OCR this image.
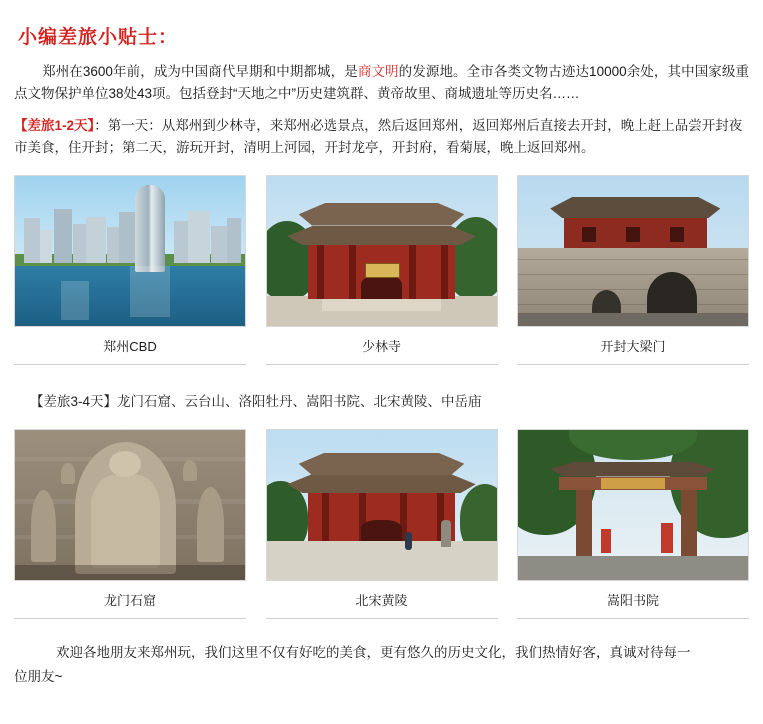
小编差旅小贴士：

郑州在3600年前，成为中国商代早期和中期都城，是商文明的发源地。全市各类文物古迹达10000余处，其中国家级重点文物保护单位38处43项。包括登封“天地之中”历史建筑群、黄帝故里、商城遗址等历史名……

【差旅1-2天】：第一天：从郑州到少林寺，来郑州必选景点，然后返回郑州，返回郑州后直接去开封，晚上赶上品尝开封夜市美食，住开封；第二天，游玩开封，清明上河园，开封龙亭，开封府，看菊展，晚上返回郑州。

郑州CBD	少林寺	开封大梁门

【差旅3-4天】龙门石窟、云台山、洛阳牡丹、嵩阳书院、北宋黄陵、中岳庙

龙门石窟	北宋黄陵	嵩阳书院

欢迎各地朋友来郑州玩，我们这里不仅有好吃的美食，更有悠久的历史文化，我们热情好客，真诚对待每一
位朋友~
